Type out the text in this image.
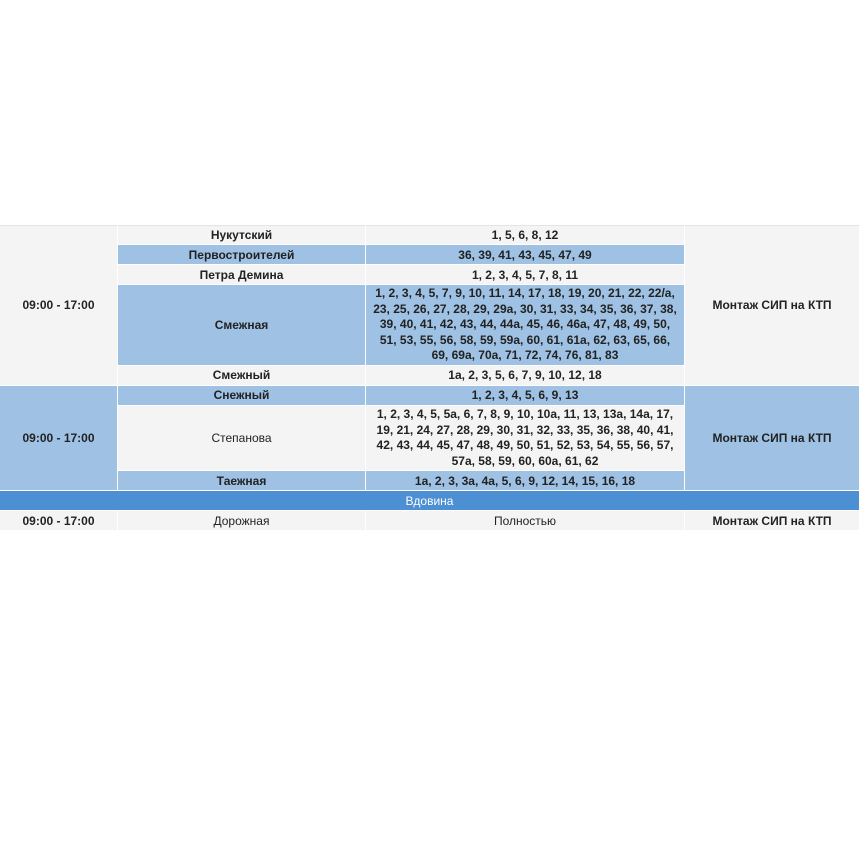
09:00 - 17:00	Нукутский	1, 5, 6, 8, 12	Монтаж СИП на КТП
	Первостроителей	36, 39, 41, 43, 45, 47, 49	
	Петра Демина	1, 2, 3, 4, 5, 7, 8, 11	
	Смежная	1, 2, 3, 4, 5, 7, 9, 10, 11, 14, 17, 18, 19, 20, 21, 22, 22/а, 23, 25, 26, 27, 28, 29, 29а, 30, 31, 33, 34, 35, 36, 37, 38, 39, 40, 41, 42, 43, 44, 44а, 45, 46, 46а, 47, 48, 49, 50, 51, 53, 55, 56, 58, 59, 59а, 60, 61, 61а, 62, 63, 65, 66, 69, 69а, 70а, 71, 72, 74, 76, 81, 83	
	Смежный	1а, 2, 3, 5, 6, 7, 9, 10, 12, 18	
09:00 - 17:00	Снежный	1, 2, 3, 4, 5, 6, 9, 13	Монтаж СИП на КТП
	Степанова	1, 2, 3, 4, 5, 5а, 6, 7, 8, 9, 10, 10а, 11, 13, 13а, 14а, 17, 19, 21, 24, 27, 28, 29, 30, 31, 32, 33, 35, 36, 38, 40, 41, 42, 43, 44, 45, 47, 48, 49, 50, 51, 52, 53, 54, 55, 56, 57, 57а, 58, 59, 60, 60а, 61, 62	
	Таежная	1а, 2, 3, 3а, 4а, 5, 6, 9, 12, 14, 15, 16, 18	
Вдовина			
09:00 - 17:00	Дорожная	Полностью	Монтаж СИП на КТП
